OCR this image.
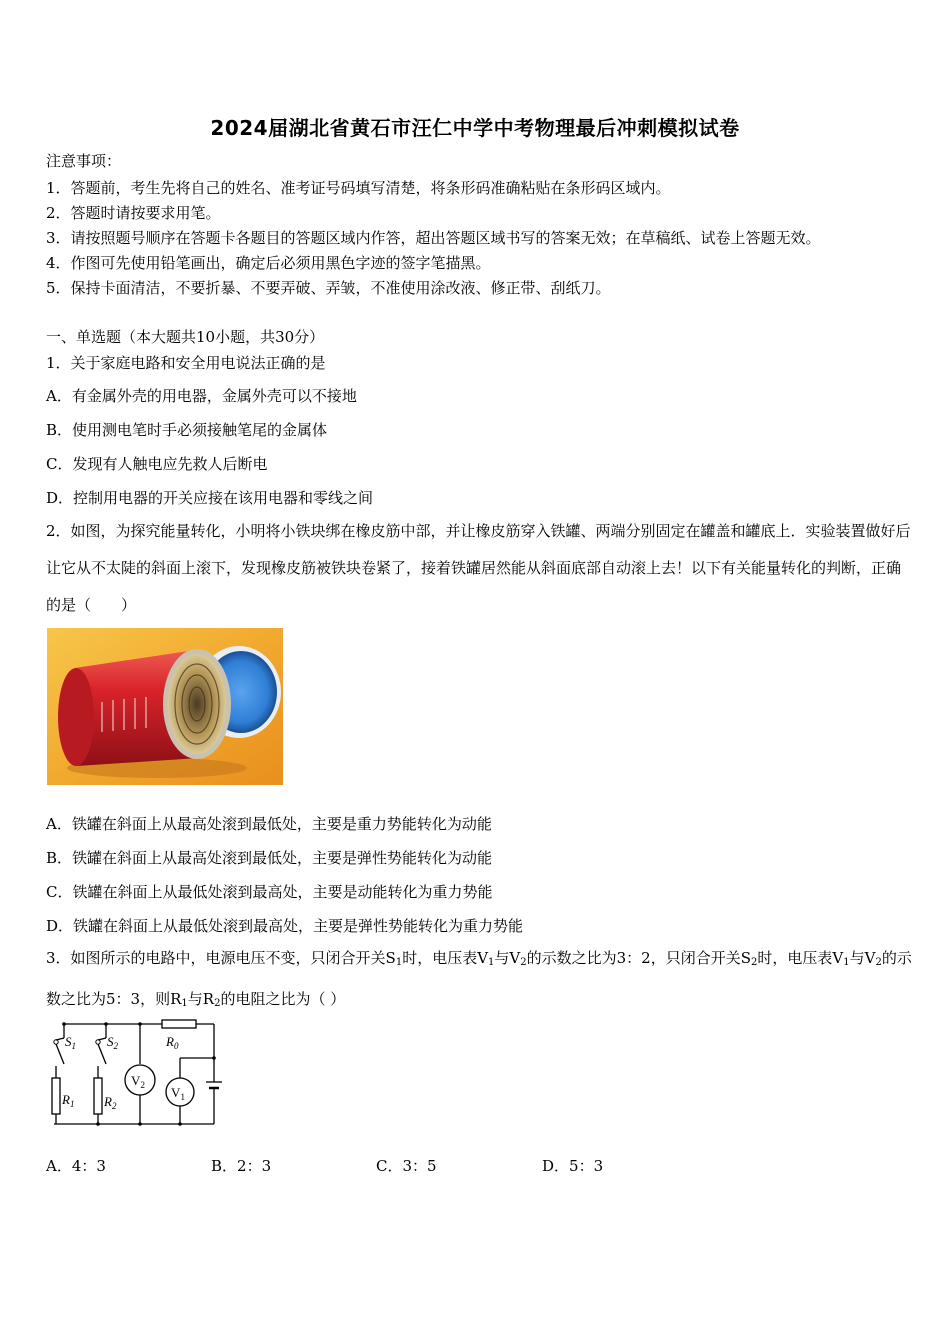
2024届湖北省黄石市汪仁中学中考物理最后冲刺模拟试卷
注意事项：
1．答题前，考生先将自己的姓名、准考证号码填写清楚，将条形码准确粘贴在条形码区域内。
2．答题时请按要求用笔。
3．请按照题号顺序在答题卡各题目的答题区域内作答，超出答题区域书写的答案无效；在草稿纸、试卷上答题无效。
4．作图可先使用铅笔画出，确定后必须用黑色字迹的签字笔描黑。
5．保持卡面清洁，不要折暴、不要弄破、弄皱，不准使用涂改液、修正带、刮纸刀。
一、单选题（本大题共10小题，共30分）
1．关于家庭电路和安全用电说法正确的是
A．有金属外壳的用电器，金属外壳可以不接地
B．使用测电笔时手必须接触笔尾的金属体
C．发现有人触电应先救人后断电
D．控制用电器的开关应接在该用电器和零线之间
2．如图，为探究能量转化，小明将小铁块绑在橡皮筋中部，并让橡皮筋穿入铁罐、两端分别固定在罐盖和罐底上．实验装置做好后让它从不太陡的斜面上滚下，发现橡皮筋被铁块卷紧了，接着铁罐居然能从斜面底部自动滚上去！以下有关能量转化的判断，正确的是（　　）
A．铁罐在斜面上从最高处滚到最低处，主要是重力势能转化为动能
B．铁罐在斜面上从最高处滚到最低处，主要是弹性势能转化为动能
C．铁罐在斜面上从最低处滚到最高处，主要是动能转化为重力势能
D．铁罐在斜面上从最低处滚到最高处，主要是弹性势能转化为重力势能
3．如图所示的电路中，电源电压不变，只闭合开关$S_1$时，电压表$V_1$与$V_2$的示数之比为3：2，只闭合开关$S_2$时，电压表$V_1$与$V_2$的示数之比为5：3，则$R_1$与$R_2$的电阻之比为（ ）
$S_1$ $S_2$	$R_0$
$R_1$ $R_2$
$V_2$ $V_1$
A．4：3	B．2：3	C．3：5	D．5：3
